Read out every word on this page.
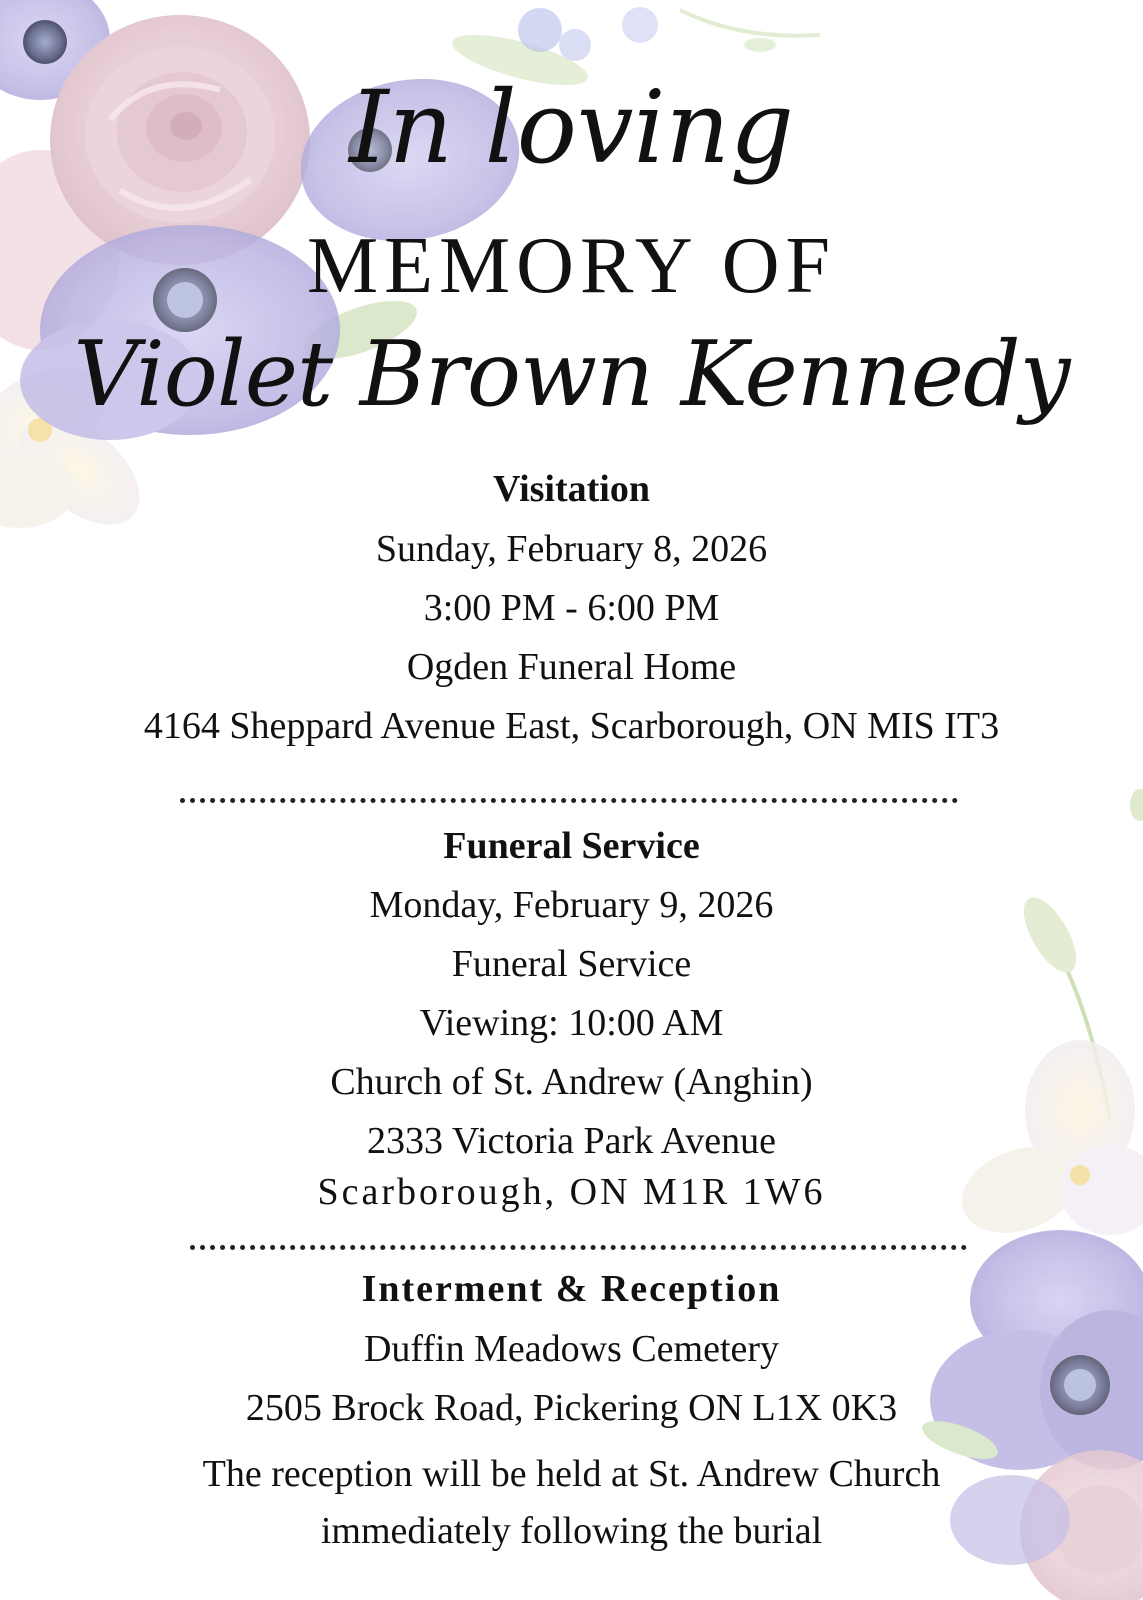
In loving
MEMORY OF
Violet Brown Kennedy
Visitation
Sunday, February 8, 2026
3:00 PM - 6:00 PM
Ogden Funeral Home
4164 Sheppard Avenue East, Scarborough, ON MIS IT3
Funeral Service
Monday, February 9, 2026
Funeral Service
Viewing: 10:00 AM
Church of St. Andrew (Anghin)
2333 Victoria Park Avenue
Scarborough, ON M1R 1W6
Interment & Reception
Duffin Meadows Cemetery
2505 Brock Road, Pickering ON L1X 0K3
The reception will be held at St. Andrew Church
immediately following the burial
